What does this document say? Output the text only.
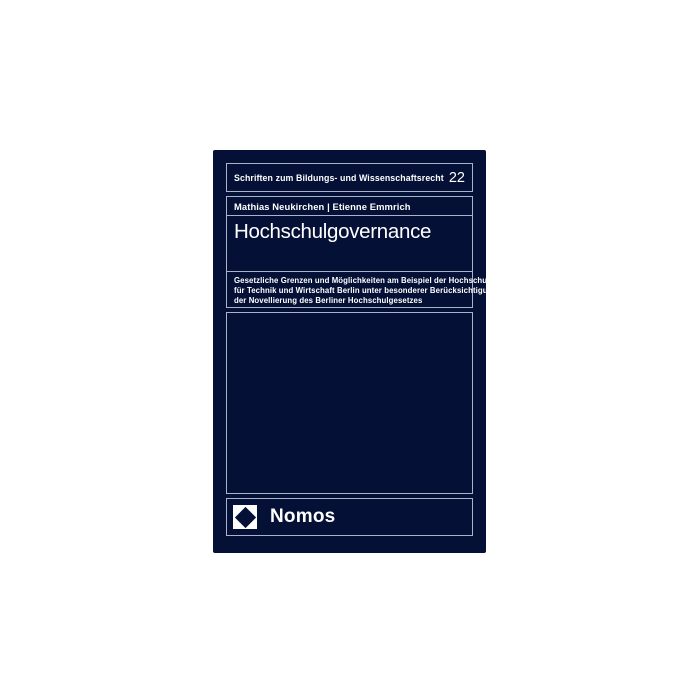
Schriften zum Bildungs- und Wissenschaftsrecht 22
Mathias Neukirchen | Etienne Emmrich
Hochschulgovernance
Gesetzliche Grenzen und Möglichkeiten am Beispiel der Hochschule
für Technik und Wirtschaft Berlin unter besonderer Berücksichtigung
der Novellierung des Berliner Hochschulgesetzes
Nomos
